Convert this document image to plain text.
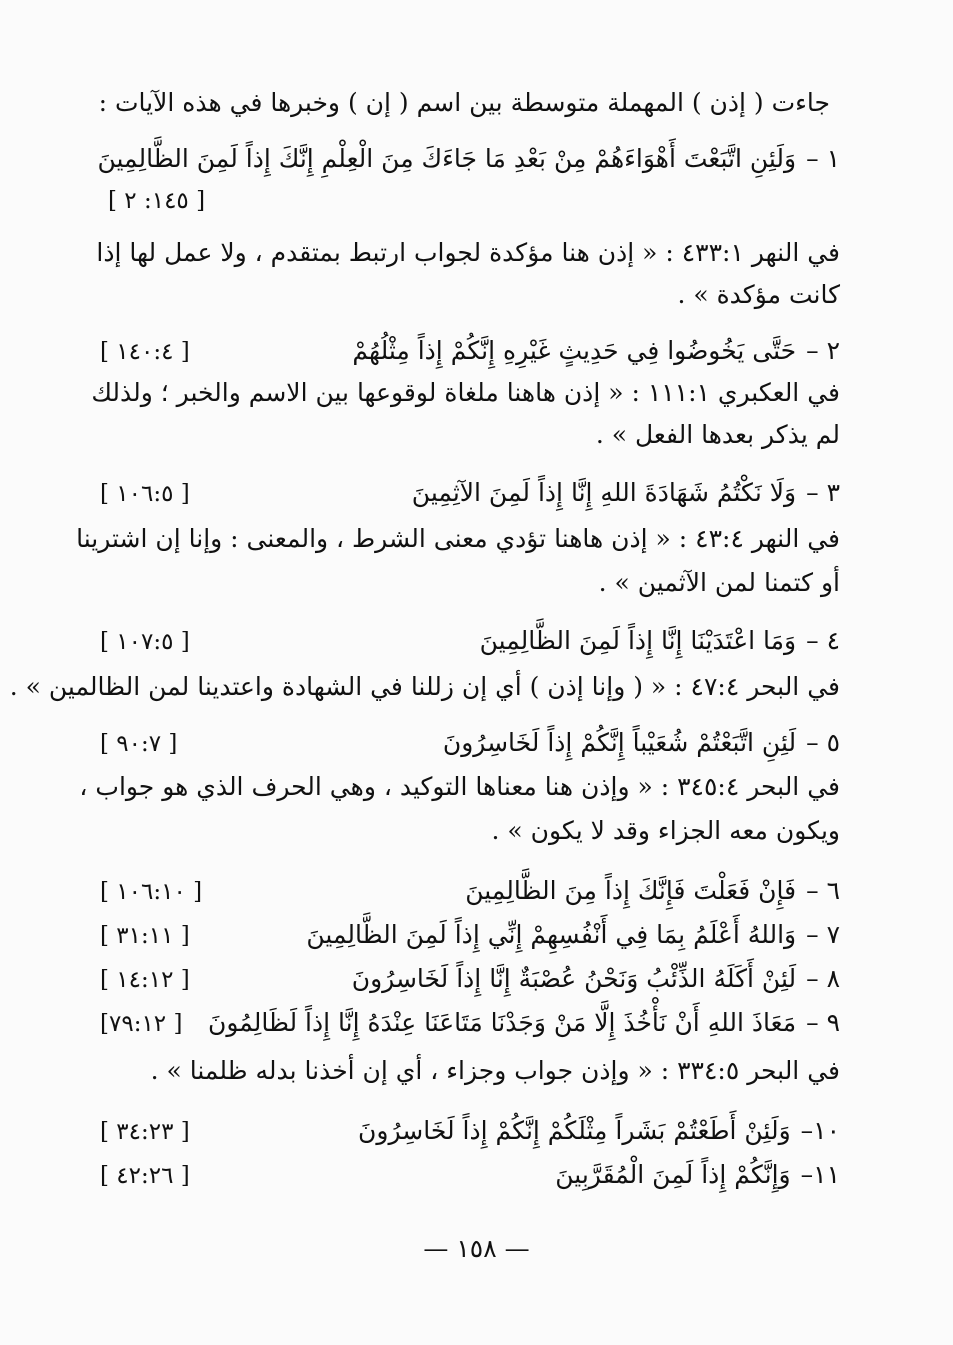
جاءت ( إذن ) المهملة متوسطة بين اسم ( إن ) وخبرها في هذه الآيات :
١ –
وَلَئِنِ اتَّبَعْتَ أَهْوَاءَهُمْ مِنْ بَعْدِ مَا جَاءَكَ مِنَ الْعِلْمِ إِنَّكَ إِذاً لَمِنَ الظَّالِمِينَ
[ ١٤٥: ٢ ]
في النهر ٤٣٣:١ : « إذن هنا مؤكدة لجواب ارتبط بمتقدم ، ولا عمل لها إذا
كانت مؤكدة » .
٢ –
حَتَّى يَخُوضُوا فِي حَدِيثٍ غَيْرِهِ إِنَّكُمْ إِذاً مِثْلُهُمْ
[ ١٤٠:٤ ]
في العكبري ١١١:١ : « إذن هاهنا ملغاة لوقوعها بين الاسم والخبر ؛ ولذلك
لم يذكر بعدها الفعل » .
٣ –
وَلَا نَكْتُمُ شَهَادَةَ اللهِ إِنَّا إِذاً لَمِنَ الآثِمِينَ
[ ١٠٦:٥ ]
في النهر ٤٣:٤ : « إذن هاهنا تؤدي معنى الشرط ، والمعنى : وإنا إن اشترينا
أو كتمنا لمن الآثمين » .
٤ –
وَمَا اعْتَدَيْنَا إِنَّا إِذاً لَمِنَ الظَّالِمِينَ
[ ١٠٧:٥ ]
في البحر ٤٧:٤ : « ( وإنا إذن ) أي إن زللنا في الشهادة واعتدينا لمن الظالمين » .
٥ –
لَئِنِ اتَّبَعْتُمْ شُعَيْباً إِنَّكُمْ إِذاً لَخَاسِرُونَ
[ ٩٠:٧ ]
في البحر ٣٤٥:٤ : « وإذن هنا معناها التوكيد ، وهي الحرف الذي هو جواب ،
ويكون معه الجزاء وقد لا يكون » .
٦ –
فَإِنْ فَعَلْتَ فَإِنَّكَ إِذاً مِنَ الظَّالِمِينَ
[ ١٠٦:١٠ ]
٧ –
وَاللهُ أَعْلَمُ بِمَا فِي أَنْفُسِهِمْ إِنِّي إِذاً لَمِنَ الظَّالِمِينَ
[ ٣١:١١ ]
٨ –
لَئِنْ أَكَلَهُ الذِّئْبُ وَنَحْنُ عُصْبَةٌ إِنَّا إِذاً لَخَاسِرُونَ
[ ١٤:١٢ ]
٩ –
مَعَاذَ اللهِ أَنْ نَأْخُذَ إِلَّا مَنْ وَجَدْنَا مَتَاعَنَا عِنْدَهُ إِنَّا إِذاً لَظَالِمُونَ
[٧٩:١٢ ]
في البحر ٣٣٤:٥ : « وإذن جواب وجزاء ، أي إن أخذنا بدله ظلمنا » .
١٠–
وَلَئِنْ أَطَعْتُمْ بَشَراً مِثْلَكُمْ إِنَّكُمْ إِذاً لَخَاسِرُونَ
[ ٣٤:٢٣ ]
١١–
وَإِنَّكُمْ إِذاً لَمِنَ الْمُقَرَّبِينَ
[ ٤٢:٢٦ ]
— ١٥٨ —
